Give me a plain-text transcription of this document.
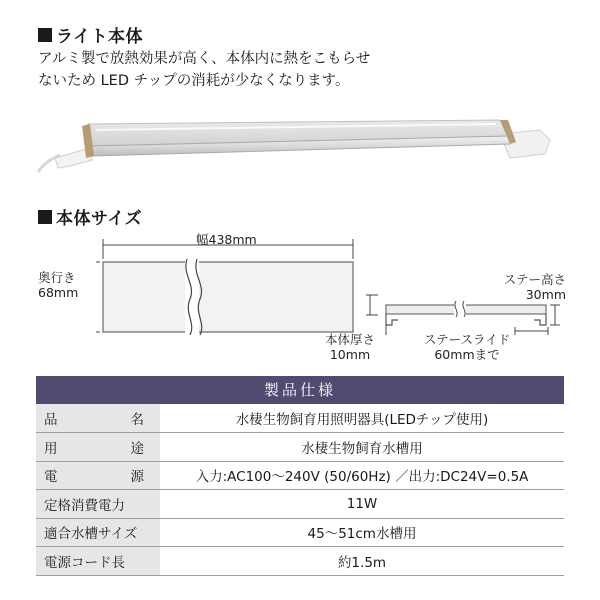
ライト本体
アルミ製で放熱効果が高く、本体内に熱をこもらせ
ないため LED チップの消耗が少なくなります。
本体サイズ
幅438mm
奥行き
68mm
ステー高さ
30mm
本体厚さ
10mm
ステースライド
60mmまで
製品仕様
品 名	水棲生物飼育用照明器具(LEDチップ使用)

用 途	水棲生物飼育水槽用

電 源	入力:AC100～240V (50/60Hz) ／出力:DC24V=0.5A
定格消費電力	11W
適合水槽サイズ	45～51cm水槽用
電源コード長	約1.5m
